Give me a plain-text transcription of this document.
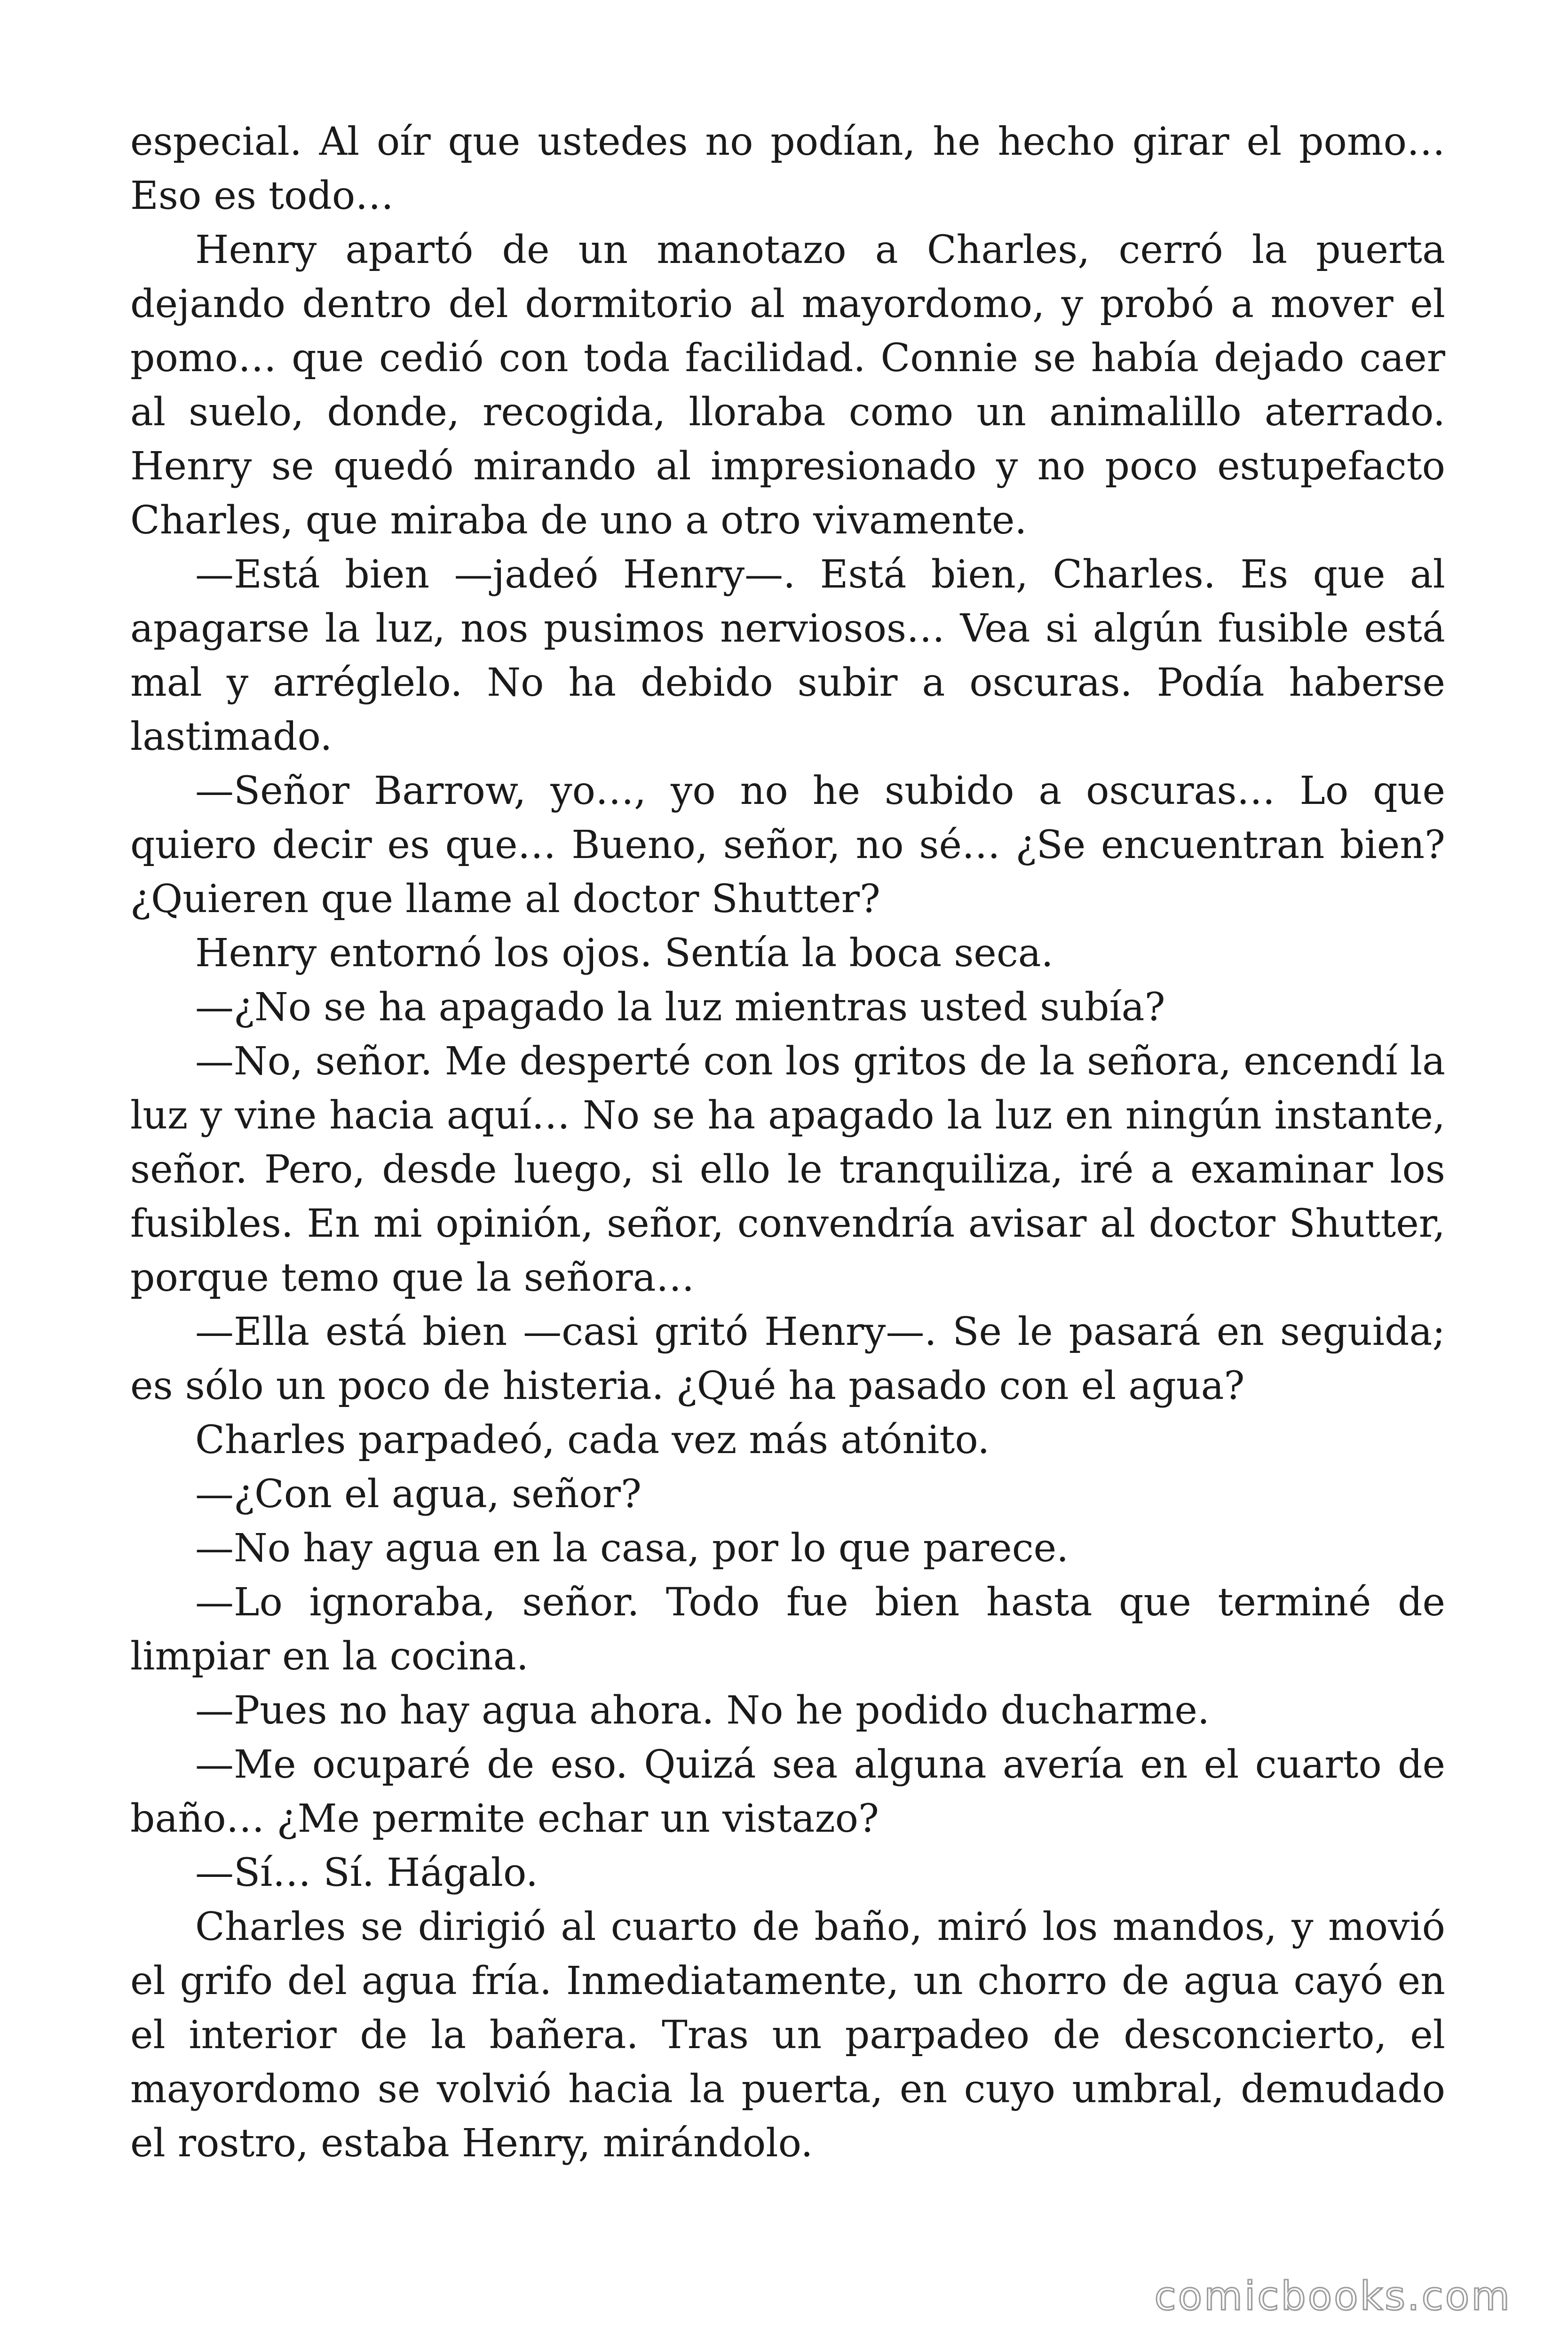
especial. Al oír que ustedes no podían, he hecho girar el pomo… Eso es todo…

Henry apartó de un manotazo a Charles, cerró la puerta dejando dentro del dormitorio al mayordomo, y probó a mover el pomo… que cedió con toda facilidad. Connie se había dejado caer al suelo, donde, recogida, lloraba como un animalillo aterrado. Henry se quedó mirando al impresionado y no poco estupefacto Charles, que miraba de uno a otro vivamente.

—Está bien —jadeó Henry—. Está bien, Charles. Es que al apagarse la luz, nos pusimos nerviosos… Vea si algún fusible está mal y arréglelo. No ha debido subir a oscuras. Podía haberse lastimado.

—Señor Barrow, yo…, yo no he subido a oscuras… Lo que quiero decir es que… Bueno, señor, no sé… ¿Se encuentran bien? ¿Quieren que llame al doctor Shutter?

Henry entornó los ojos. Sentía la boca seca.

—¿No se ha apagado la luz mientras usted subía?

—No, señor. Me desperté con los gritos de la señora, encendí la luz y vine hacia aquí… No se ha apagado la luz en ningún instante, señor. Pero, desde luego, si ello le tranquiliza, iré a examinar los fusibles. En mi opinión, señor, convendría avisar al doctor Shutter, porque temo que la señora…

—Ella está bien —casi gritó Henry—. Se le pasará en seguida; es sólo un poco de histeria. ¿Qué ha pasado con el agua?

Charles parpadeó, cada vez más atónito.

—¿Con el agua, señor?

—No hay agua en la casa, por lo que parece.

—Lo ignoraba, señor. Todo fue bien hasta que terminé de limpiar en la cocina.

—Pues no hay agua ahora. No he podido ducharme.

—Me ocuparé de eso. Quizá sea alguna avería en el cuarto de baño… ¿Me permite echar un vistazo?

—Sí… Sí. Hágalo.

Charles se dirigió al cuarto de baño, miró los mandos, y movió el grifo del agua fría. Inmediatamente, un chorro de agua cayó en el interior de la bañera. Tras un parpadeo de desconcierto, el mayordomo se volvió hacia la puerta, en cuyo umbral, demudado el rostro, estaba Henry, mirándolo.

comicbooks.com
